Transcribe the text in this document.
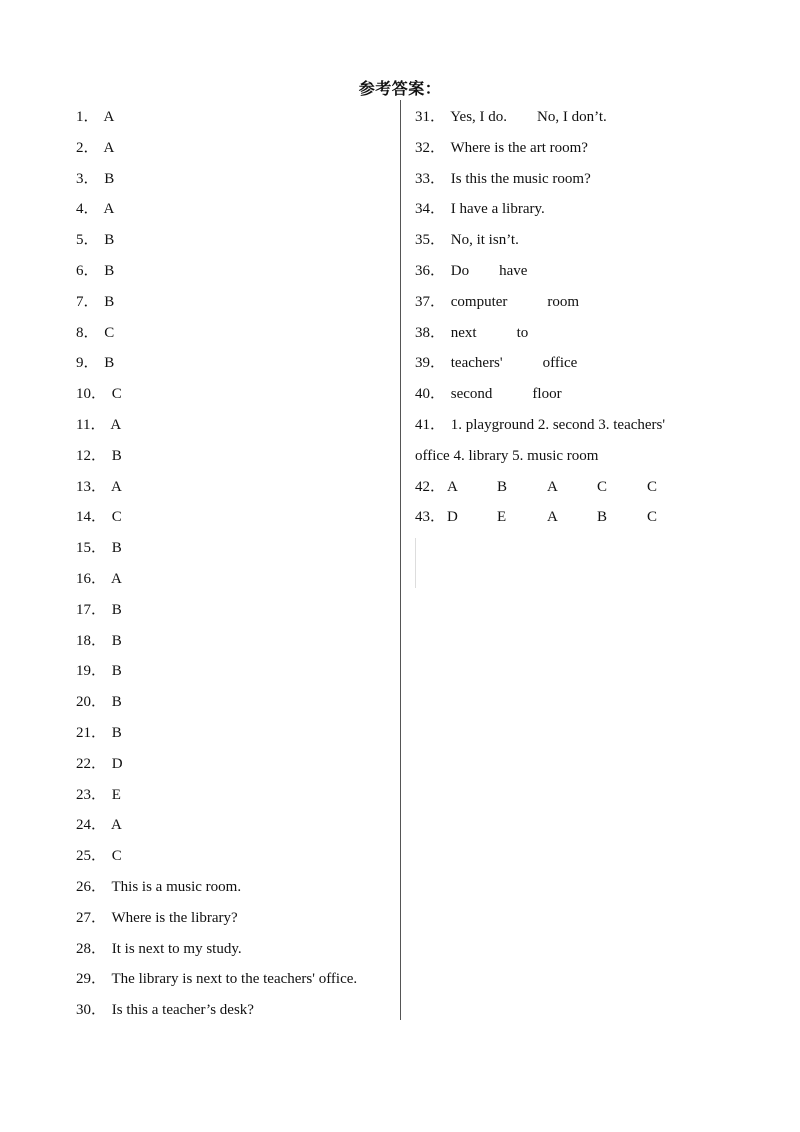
参考答案：
1 ． A
2 ． A
3 ． B
4 ． A
5 ． B
6 ． B
7 ． B
8 ． C
9 ． B
10 ． C
11 ． A
12 ． B
13 ． A
14 ． C
15 ． B
16 ． A
17 ． B
18 ． B
19 ． B
20 ． B
21 ． B
22 ． D
23 ． E
24 ． A
25 ． C
26 ． This is a music room.
27 ． Where is the library?
28 ． It is next to my study.
29 ． The library is next to the teachers' office.
30 ． Is this a teacher’s desk?
31 ． Yes, I do. No, I don’t.
32 ． Where is the art room?
33 ． Is this the music room?
34 ． I have a library.
35 ． No, it isn’t.
36 ． Do have
37 ． computer	room
38 ． next	to
39 ． teachers'	office
40 ． second	floor
41 ． 1. playground 2. second 3. teachers'
office 4. library 5. music room
42 ． A	B	A	C	C
43 ． D	E	A	B	C
